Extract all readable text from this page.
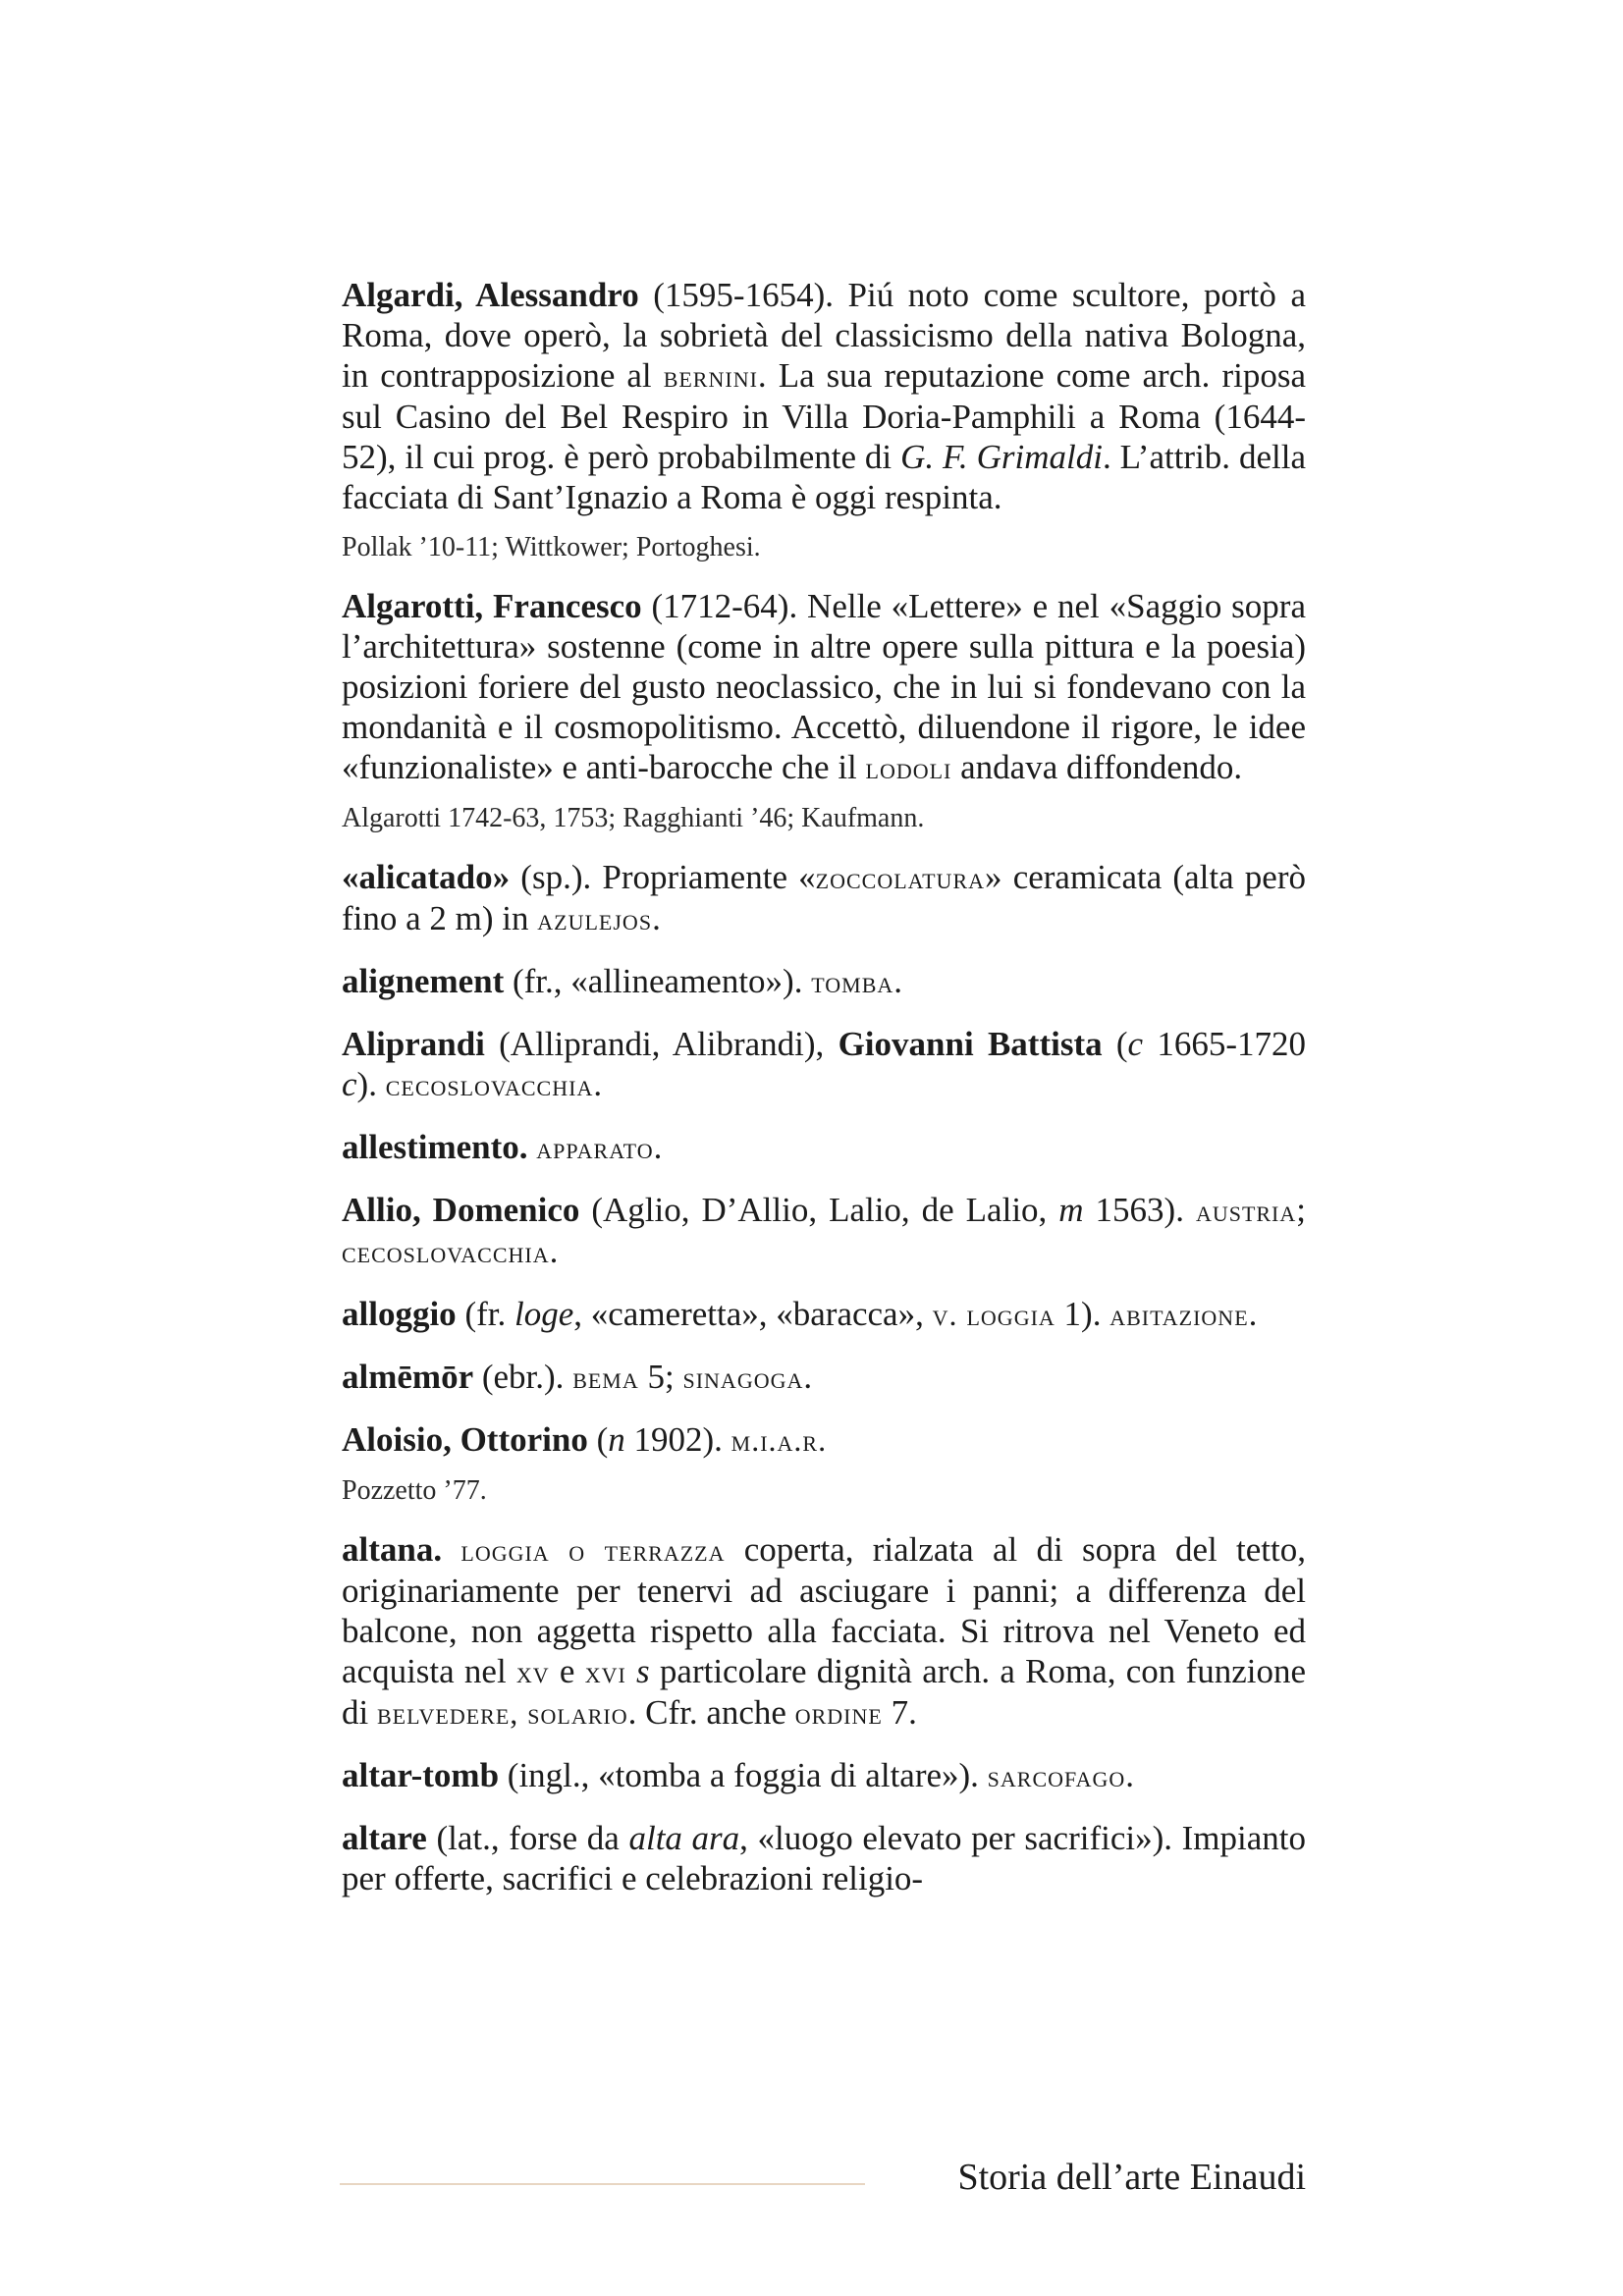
Algardi, Alessandro (1595-1654). Piú noto come scultore, portò a Roma, dove operò, la sobrietà del classicismo della nativa Bologna, in contrapposizione al bernini. La sua reputazione come arch. riposa sul Casino del Bel Respiro in Villa Doria-Pamphili a Roma (1644-52), il cui prog. è però probabilmente di G. F. Grimaldi. L’attrib. della facciata di Sant’Ignazio a Roma è oggi respinta.

Pollak ’10-11; Wittkower; Portoghesi.

Algarotti, Francesco (1712-64). Nelle «Lettere» e nel «Saggio sopra l’architettura» sostenne (come in altre opere sulla pittura e la poesia) posizioni foriere del gusto neoclassico, che in lui si fondevano con la mondanità e il cosmopolitismo. Accettò, diluendone il rigore, le idee «funzionaliste» e anti-barocche che il lodoli andava diffondendo.

Algarotti 1742-63, 1753; Ragghianti ’46; Kaufmann.

«alicatado» (sp.). Propriamente «zoccolatura» ceramicata (alta però fino a 2 m) in azulejos.

alignement (fr., «allineamento»). tomba.

Aliprandi (Alliprandi, Alibrandi), Giovanni Battista (c 1665-1720 c). cecoslovacchia.

allestimento. apparato.

Allio, Domenico (Aglio, D’Allio, Lalio, de Lalio, m 1563). austria; cecoslovacchia.

alloggio (fr. loge, «cameretta», «baracca», v. loggia 1). abitazione.

almēmōr (ebr.). bema 5; sinagoga.

Aloisio, Ottorino (n 1902). m.i.a.r.

Pozzetto ’77.

altana. loggia o terrazza coperta, rialzata al di sopra del tetto, originariamente per tenervi ad asciugare i panni; a differenza del balcone, non aggetta rispetto alla facciata. Si ritrova nel Veneto ed acquista nel xv e xvi s particolare dignità arch. a Roma, con funzione di belvedere, solario. Cfr. anche ordine 7.

altar-tomb (ingl., «tomba a foggia di altare»). sarcofago.

altare (lat., forse da alta ara, «luogo elevato per sacrifici»). Impianto per offerte, sacrifici e celebrazioni religio-

Storia dell’arte Einaudi
